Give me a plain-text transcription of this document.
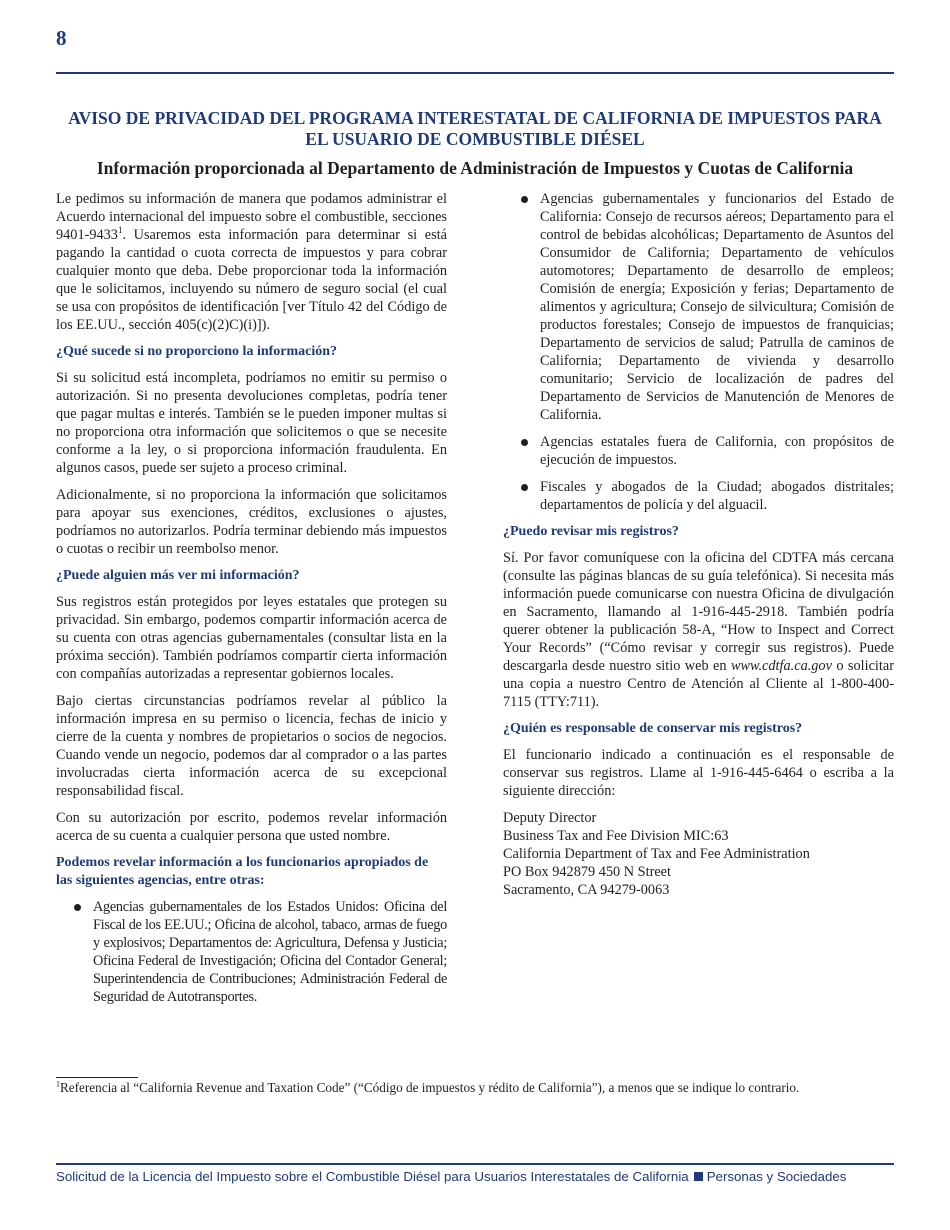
8
AVISO DE PRIVACIDAD DEL PROGRAMA INTERESTATAL DE CALIFORNIA DE IMPUESTOS PARA EL USUARIO DE COMBUSTIBLE DIÉSEL
Información proporcionada al Departamento de Administración de Impuestos y Cuotas de California

Le pedimos su información de manera que podamos administrar el Acuerdo internacional del impuesto sobre el combustible, secciones 9401-9433$^1$. Usaremos esta información para determinar si está pagando la cantidad o cuota correcta de impuestos y para cobrar cualquier monto que deba. Debe proporcionar toda la información que le solicitamos, incluyendo su número de seguro social (el cual se usa con propósitos de identificación [ver Título 42 del Código de los EE.UU., sección 405(c)(2)C)(i)]).

¿Qué sucede si no proporciono la información?

Si su solicitud está incompleta, podríamos no emitir su permiso o autorización. Si no presenta devoluciones completas, podría tener que pagar multas e interés. También se le pueden imponer multas si no proporciona otra información que solicitemos o que se necesite conforme a la ley, o si proporciona información fraudulenta. En algunos casos, puede ser sujeto a proceso criminal.

Adicionalmente, si no proporciona la información que solicitamos para apoyar sus exenciones, créditos, exclusiones o ajustes, podríamos no autorizarlos. Podría terminar debiendo más impuestos o cuotas o recibir un reembolso menor.

¿Puede alguien más ver mi información?

Sus registros están protegidos por leyes estatales que protegen su privacidad. Sin embargo, podemos compartir información acerca de su cuenta con otras agencias gubernamentales (consultar lista en la próxima sección). También podríamos compartir cierta información con compañías autorizadas a representar gobiernos locales.

Bajo ciertas circunstancias podríamos revelar al público la información impresa en su permiso o licencia, fechas de inicio y cierre de la cuenta y nombres de propietarios o socios de negocios. Cuando vende un negocio, podemos dar al comprador o a las partes involucradas cierta información acerca de su excepcional responsabilidad fiscal.

Con su autorización por escrito, podemos revelar información acerca de su cuenta a cualquier persona que usted nombre.

Podemos revelar información a los funcionarios apropiados de las siguientes agencias, entre otras:
Agencias gubernamentales de los Estados Unidos: Oficina del Fiscal de los EE.UU.; Oficina de alcohol, tabaco, armas de fuego y explosivos; Departamentos de: Agricultura, Defensa y Justicia; Oficina Federal de Investigación; Oficina del Contador General; Superintendencia de Contribuciones; Administración Federal de Seguridad de Autotransportes.
Agencias gubernamentales y funcionarios del Estado de California: Consejo de recursos aéreos; Departamento para el control de bebidas alcohólicas; Departamento de Asuntos del Consumidor de California; Departamento de vehículos automotores; Departamento de desarrollo de empleos; Comisión de energía; Exposición y ferias; Departamento de alimentos y agricultura; Consejo de silvicultura; Comisión de productos forestales; Consejo de impuestos de franquicias; Departamento de servicios de salud; Patrulla de caminos de California; Departamento de vivienda y desarrollo comunitario; Servicio de localización de padres del Departamento de Servicios de Manutención de Menores de California.
Agencias estatales fuera de California, con propósitos de ejecución de impuestos.
Fiscales y abogados de la Ciudad; abogados distritales; departamentos de policía y del alguacil.
¿Puedo revisar mis registros?

Sí. Por favor comuníquese con la oficina del CDTFA más cercana (consulte las páginas blancas de su guía telefónica). Si necesita más información puede comunicarse con nuestra Oficina de divulgación en Sacramento, llamando al 1-916-445-2918. También podría querer obtener la publicación 58-A, “How to Inspect and Correct Your Records” (“Cómo revisar y corregir sus registros). Puede descargarla desde nuestro sitio web en www.cdtfa.ca.gov o solicitar una copia a nuestro Centro de Atención al Cliente al 1-800-400-7115 (TTY:711).

¿Quién es responsable de conservar mis registros?

El funcionario indicado a continuación es el responsable de conservar sus registros. Llame al 1-916-445-6464 o escriba a la siguiente dirección:

Deputy Director
Business Tax and Fee Division MIC:63
California Department of Tax and Fee Administration
PO Box 942879 450 N Street
Sacramento, CA 94279-0063
$^1$Referencia al “California Revenue and Taxation Code” (“Código de impuestos y rédito de California”), a menos que se indique lo contrario.
Solicitud de la Licencia del Impuesto sobre el Combustible Diésel para Usuarios Interestatales de California Personas y Sociedades
